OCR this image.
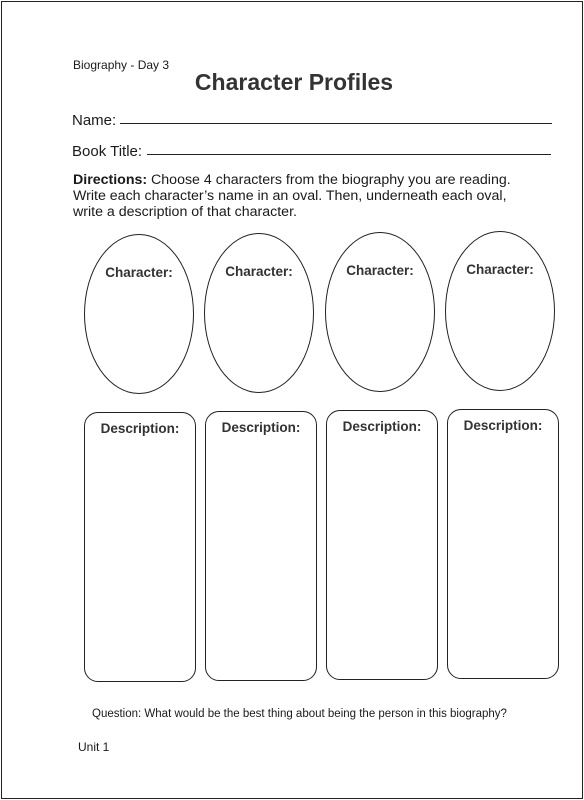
Biography - Day 3
Character Profiles
Name:
Book Title:
Directions: Choose 4 characters from the biography you are reading.
Write each character’s name in an oval. Then, underneath each oval,
write a description of that character.
Character:	Character:	Character:	Character:
Description:	Description:	Description:	Description:
Question: What would be the best thing about being the person in this biography?
Unit 1
